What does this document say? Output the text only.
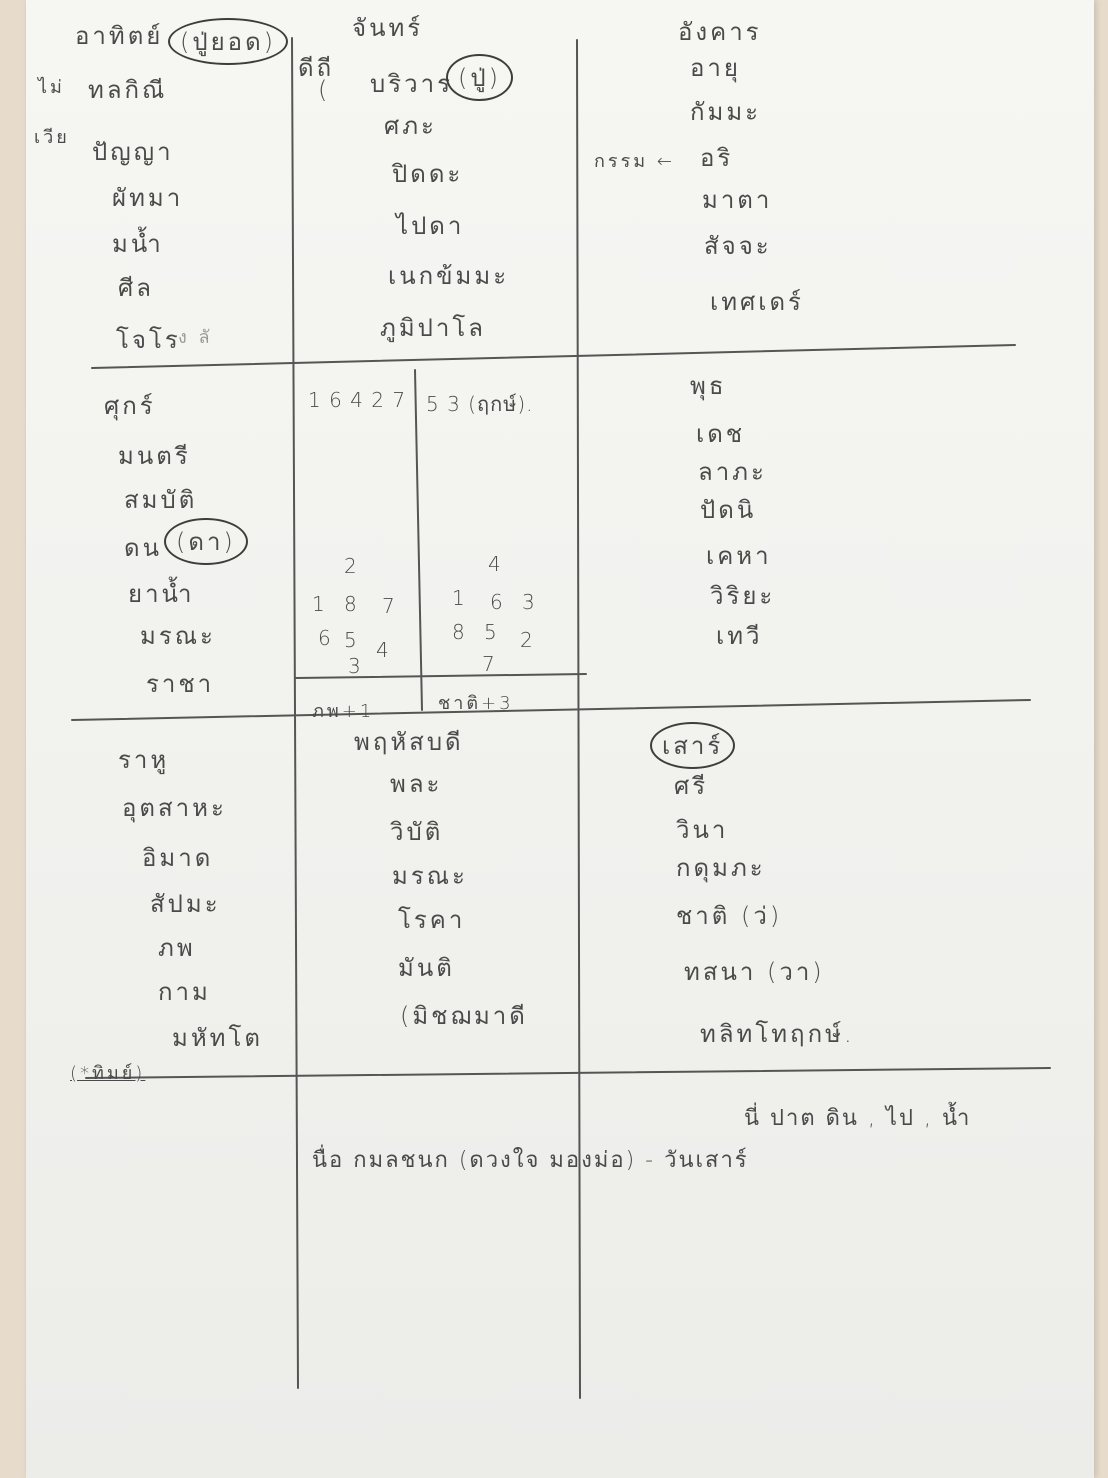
อาทิตย์ (ปู่ยอด)
ไม่
เวีย
ทลกิณี
ปัญญา
ผัทมา
มน้ำ
ศีล
โจโร
ง ลั
จันทร์
ดีถี
( บริวาร (ปู่)
ศภะ
ปิดดะ
ไปดา
เนกข้มมะ
ภูมิปาโล
อังคาร
กรรม ←
อายุ
กัมมะ
อริ
มาตา
สัจจะ
เทศเดร์
ศุกร์
มนตรี
สมบัติ
ดน
ยาน้ำ
มรณะ
ราชา
(ดา)
1 6 4 2 7 5 3 (ฤกษ์).
2
1 8 7
6 5 4
3
4
1 6 3
8 5 2
7
ภพ+1	ชาติ+3
พุธ
เดช
ลาภะ
ปัดนิ
เคหา
วิริยะ
เทวี
ราหู
อุตสาหะ
อิมาด
สัปมะ
ภพ
กาม
มหัทโต
(*ทิมย์)
พฤหัสบดี
พละ
วิบัติ
มรณะ
โรคา
มันติ
(มิชฌมาดี
เสาร์
ศรี
วินา
กดุมภะ
ชาติ (ว่)
ทสนา (วา)
ทลิทโทฤกษ์.
นื่อ กมลชนก (ดวงใจ มองม่อ) - วันเสาร์
นี่ ปาต ดิน , ไป , น้ำ
